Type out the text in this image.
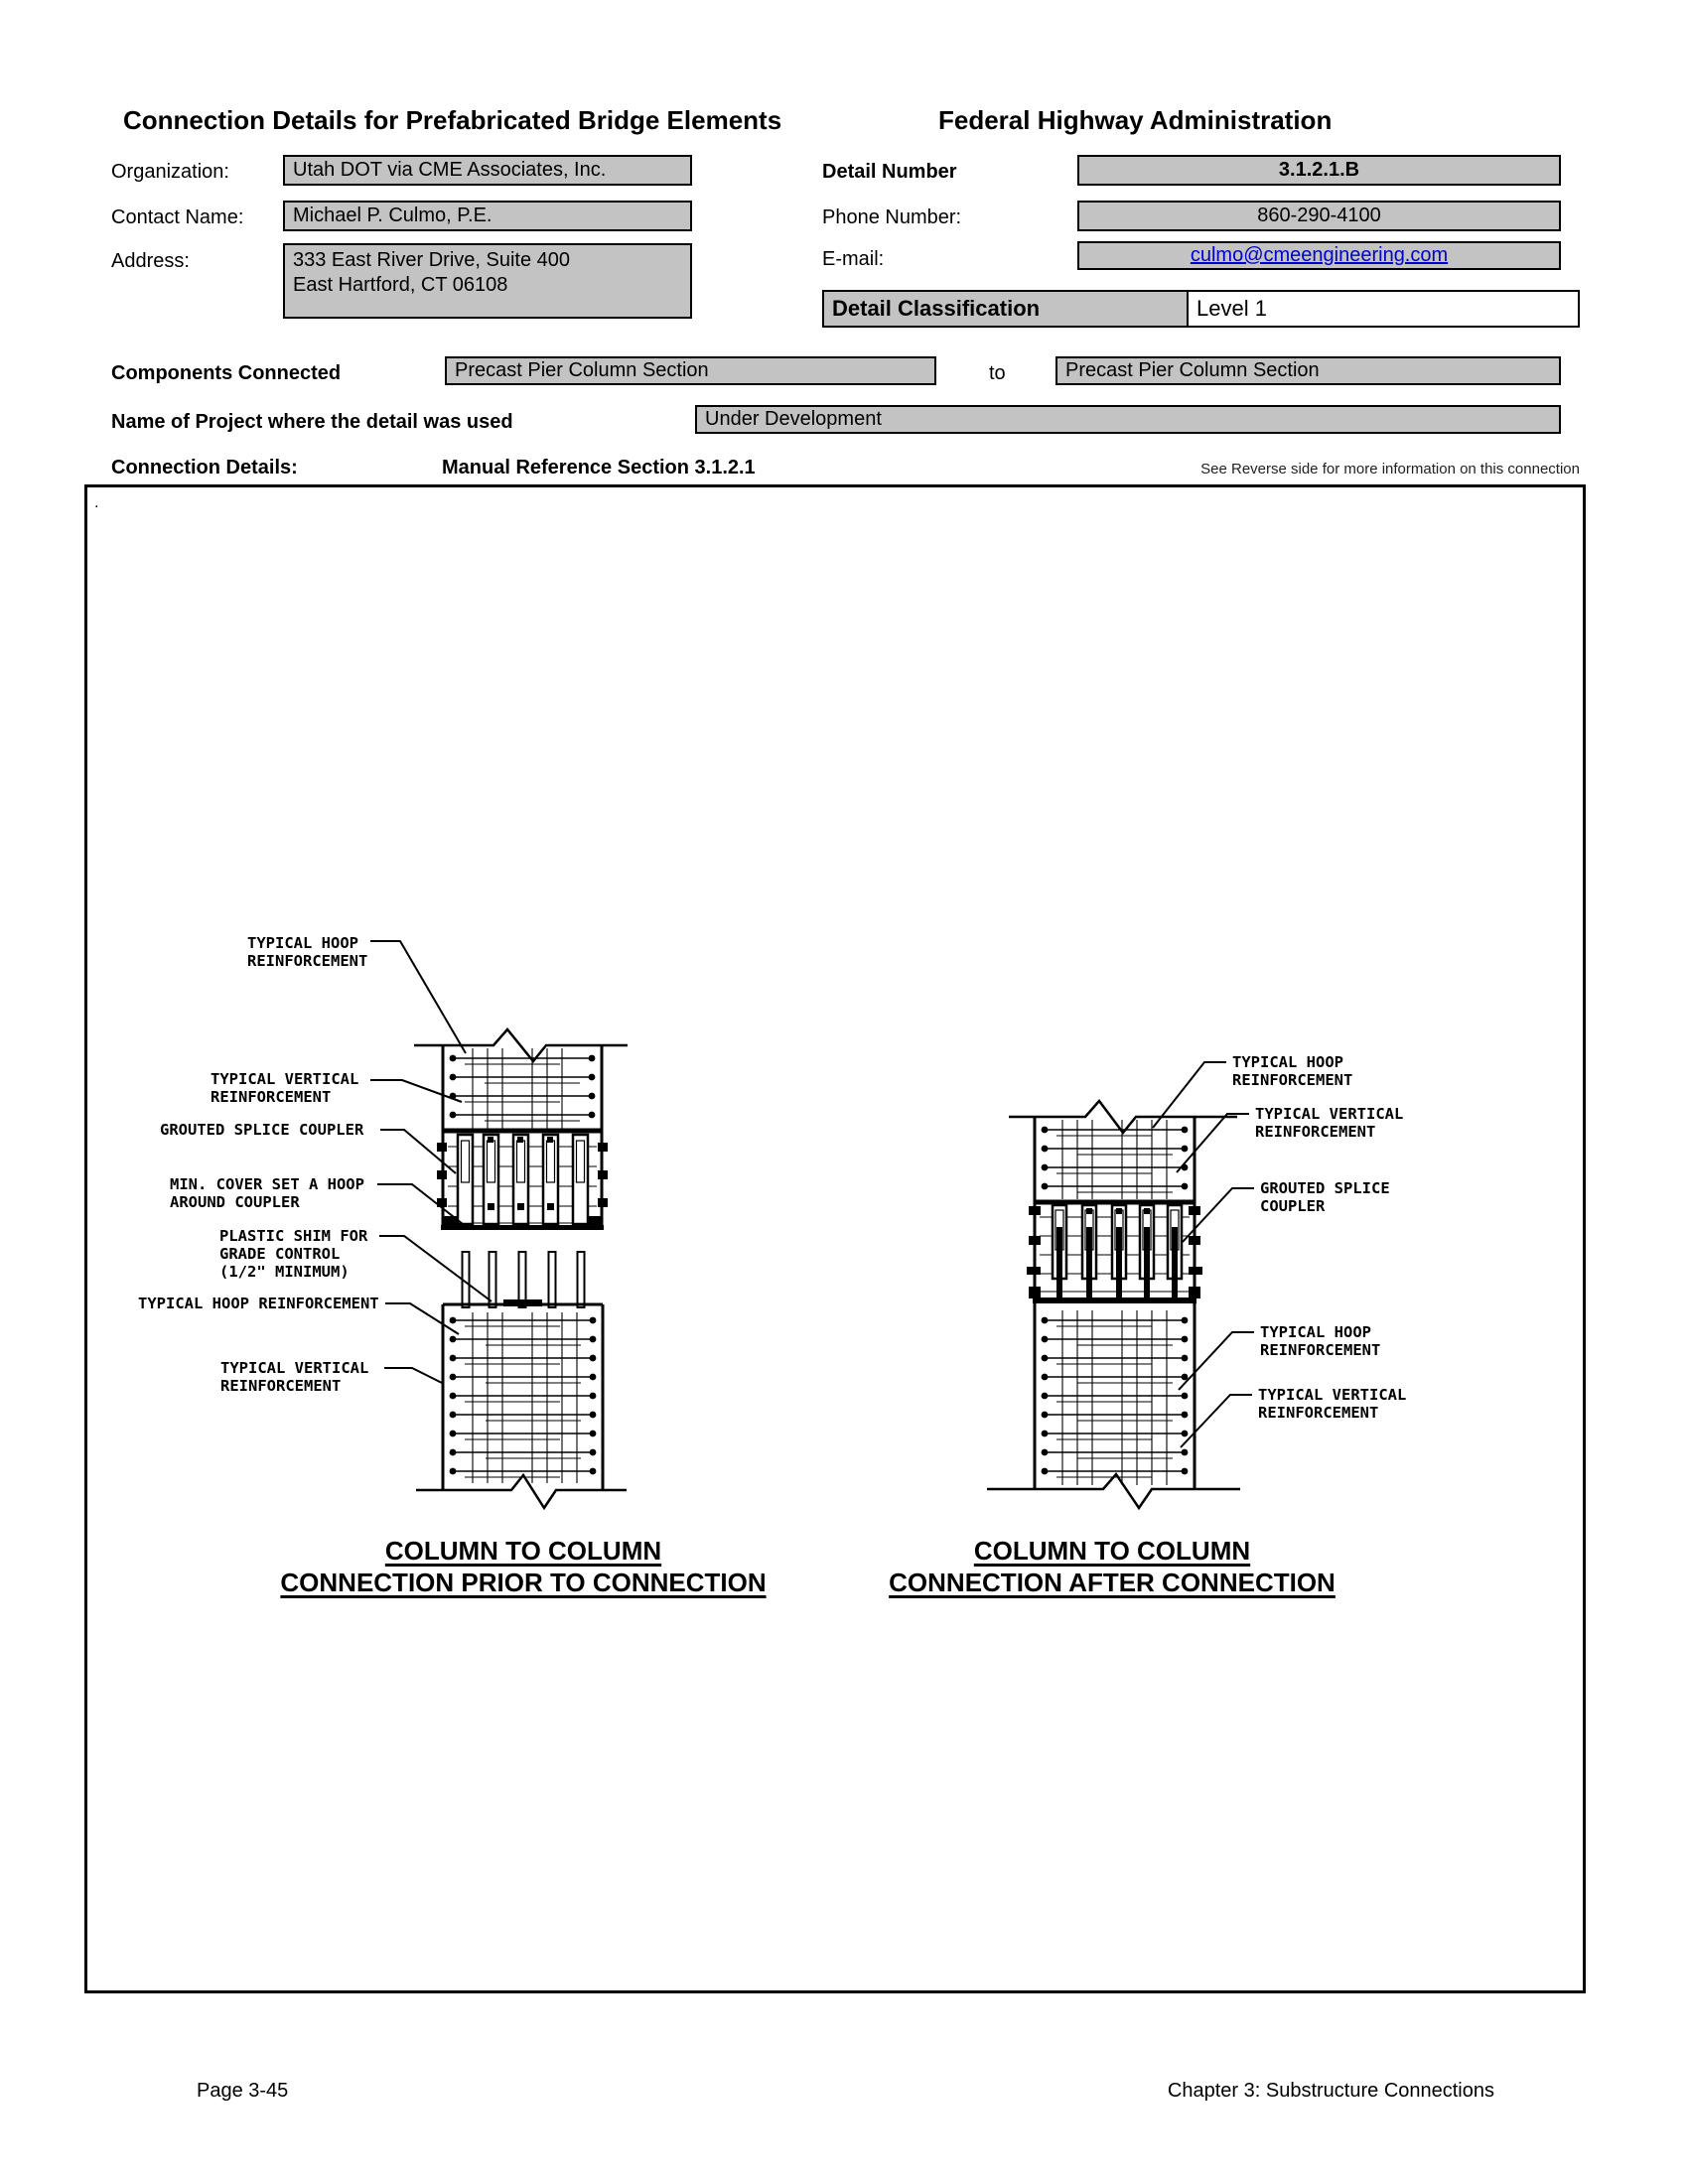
Connection Details for Prefabricated Bridge Elements	Federal Highway Administration
Organization:	Utah DOT via CME Associates, Inc.
Contact Name: Michael P. Culmo, P.E.
Address:	333 East River Drive, Suite 400
East Hartford, CT 06108
Detail Number	3.1.2.1.B
Phone Number:	860-290-4100
E-mail:	culmo@cmeengineering.com
Detail Classification	Level 1
Components Connected	Precast Pier Column Section	to	Precast Pier Column Section
Name of Project where the detail was used	Under Development
Connection Details:	Manual Reference Section 3.1.2.1	See Reverse side for more information on this connection
.
TYPICAL HOOP
REINFORCEMENT
TYPICAL VERTICAL
REINFORCEMENT
GROUTED SPLICE COUPLER
MIN. COVER SET A HOOP
AROUND COUPLER
PLASTIC SHIM FOR
GRADE CONTROL
(1/2" MINIMUM)
TYPICAL HOOP REINFORCEMENT
TYPICAL VERTICAL
REINFORCEMENT
TYPICAL HOOP
REINFORCEMENT
TYPICAL VERTICAL
REINFORCEMENT
GROUTED SPLICE
COUPLER
TYPICAL HOOP
REINFORCEMENT
TYPICAL VERTICAL
REINFORCEMENT
COLUMN TO COLUMN
CONNECTION PRIOR TO CONNECTION
COLUMN TO COLUMN
CONNECTION AFTER CONNECTION
Page 3-45	Chapter 3: Substructure Connections
